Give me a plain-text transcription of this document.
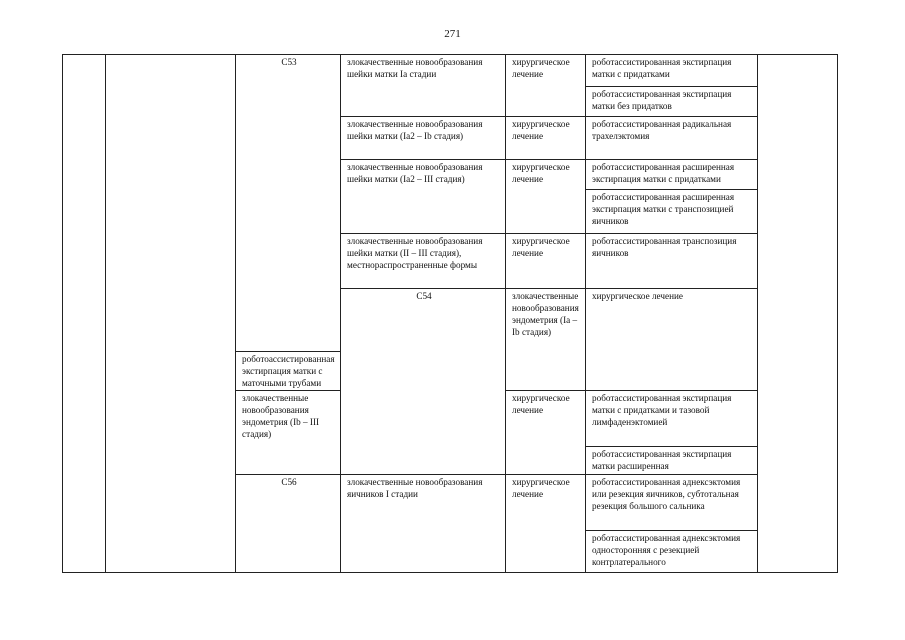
271
		C53	злокачественные новообразования шейки матки Ia стадии	хирургическое лечение	роботассистированная экстирпация матки с придатками		
					роботассистированная экстирпация матки без придатков		
			злокачественные новообразования шейки матки (Ia2 – Ib стадия)	хирургическое лечение	роботассистированная радикальная трахелэктомия		
			злокачественные новообразования шейки матки (Ia2 – III стадия)	хирургическое лечение	роботассистированная расширенная экстирпация матки с придатками		
					роботассистированная расширенная экстирпация матки с транспозицией яичников		
			злокачественные новообразования шейки матки (II – III стадия), местнораспространенные формы	хирургическое лечение	роботассистированная транспозиция яичников		
			C54	злокачественные новообразования эндометрия (Ia – Ib стадия)	хирургическое лечение	
		роботоассистированная экстирпация матки с маточными трубами					
		злокачественные новообразования эндометрия (Ib – III стадия)		хирургическое лечение	роботассистированная экстирпация матки с придатками и тазовой лимфаденэктомией		
					роботассистированная экстирпация матки расширенная		
		C56	злокачественные новообразования яичников I стадии	хирургическое лечение	роботассистированная аднексэктомия или резекция яичников, субтотальная резекция большого сальника		
					роботассистированная аднексэктомия односторонняя с резекцией контрлатерального		
